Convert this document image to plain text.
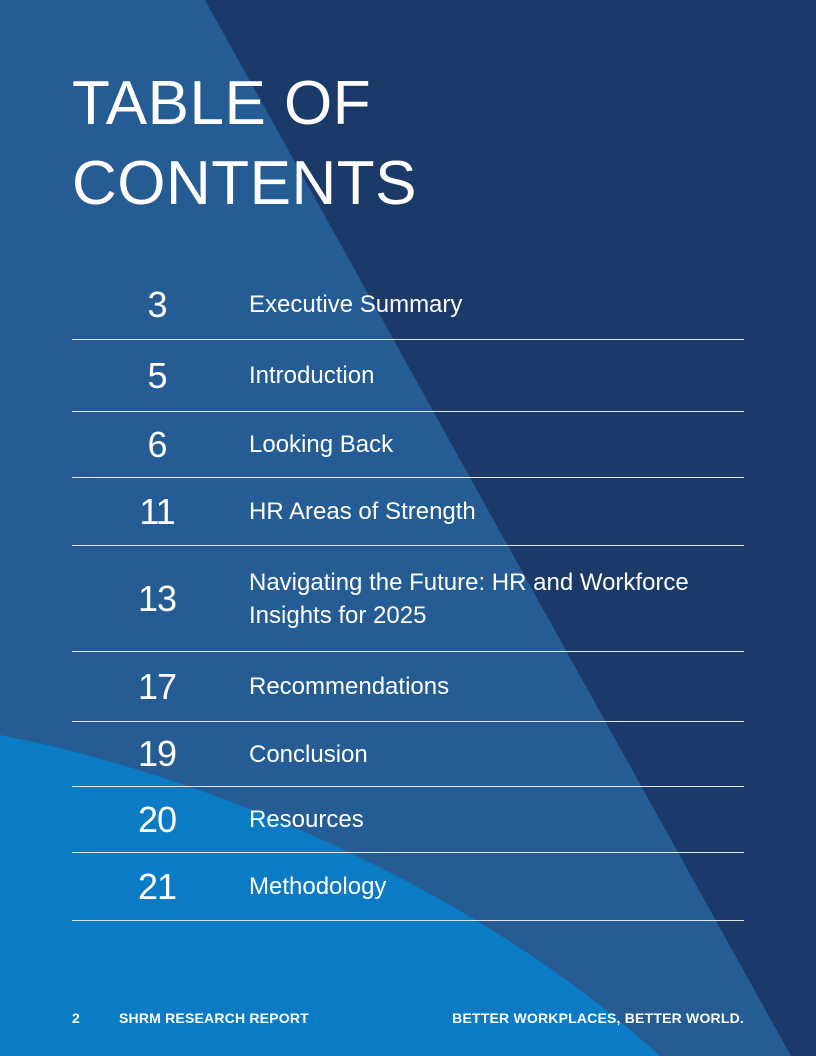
TABLE OF
CONTENTS
3	Executive Summary
5	Introduction
6	Looking Back
11	HR Areas of Strength
13	Navigating the Future: HR and Workforce Insights for 2025
17	Recommendations
19	Conclusion
20	Resources
21	Methodology
2	SHRM RESEARCH REPORT	BETTER WORKPLACES, BETTER WORLD.
